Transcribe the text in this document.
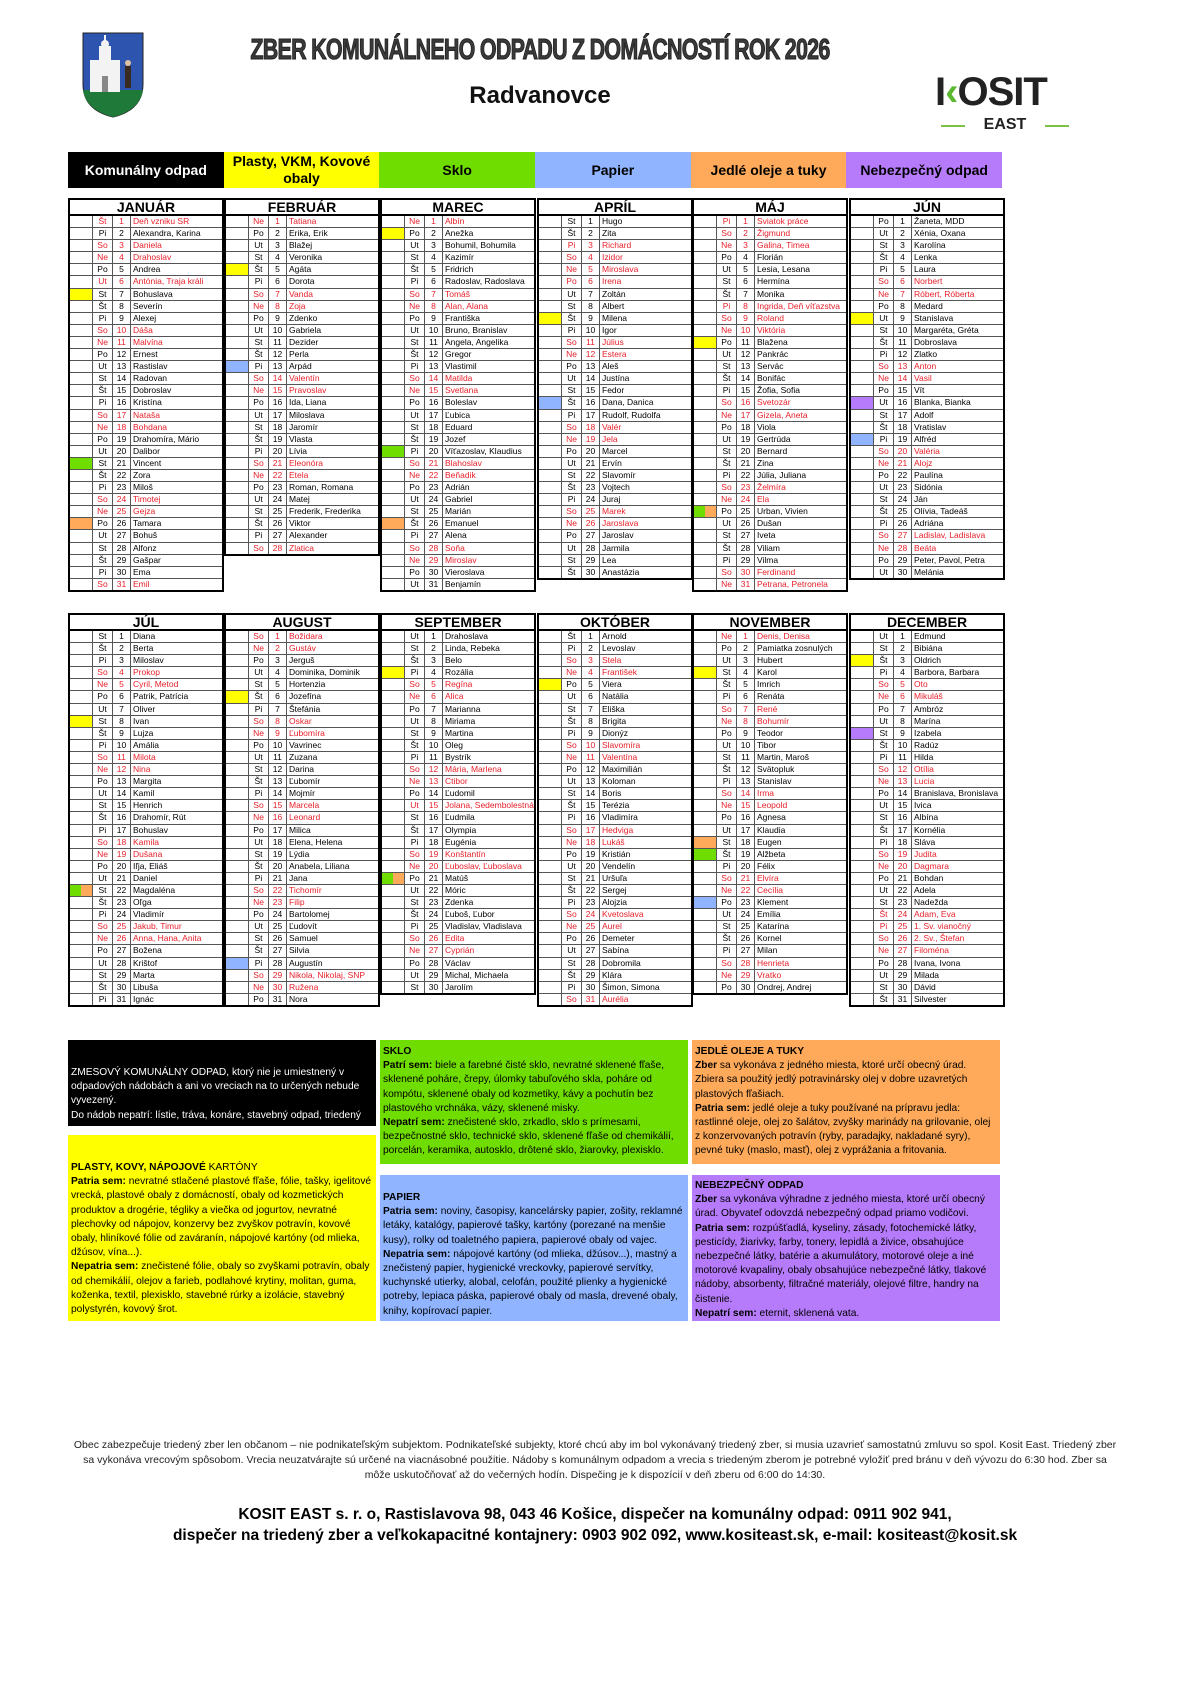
ZBER KOMUNÁLNEHO ODPADU Z DOMÁCNOSTÍ ROK 2026
Radvanovce	I‹OSIT
EAST
Komunálny odpad
Plasty, VKM, Kovové obaly
Sklo	Papier	Jedlé oleje a tuky	Nebezpečný odpad
JANUÁR
Št	1	Deň vzniku SR
Pi	2	Alexandra, Karina
So	3	Daniela
Ne	4	Drahoslav
Po	5	Andrea
Ut	6	Antónia, Traja králi
St	7	Bohuslava
Št	8	Severín
Pi	9	Alexej
So	10 Dáša
Ne	11 Malvína
Po	12 Ernest
Ut	13 Rastislav
St	14 Radovan
Št	15 Dobroslav
Pi	16 Kristína
So	17 Nataša
Ne	18 Bohdana
Po	19 Drahomíra, Mário
Ut	20 Dalibor
St	21 Vincent
Št	22 Zora
Pi	23 Miloš
So	24 Timotej
Ne	25 Gejza
Po	26 Tamara
Ut	27 Bohuš
St	28 Alfonz
Št	29 Gašpar
Pi	30 Ema
So	31 Emil
FEBRUÁR
Ne	1	Tatiana
Po	2	Erika, Erik
Ut	3	Blažej
St	4	Veronika
Št	5	Agáta
Pi	6	Dorota
So	7	Vanda
Ne	8	Zoja
Po	9	Zdenko
Ut	10 Gabriela
St	11 Dezider
Št	12 Perla
Pi	13 Arpád
So	14 Valentín
Ne	15 Pravoslav
Po	16 Ida, Liana
Ut	17 Miloslava
St	18 Jaromír
Št	19 Vlasta
Pi	20 Lívia
So	21 Eleonóra
Ne	22 Etela
Po	23 Roman, Romana
Ut	24 Matej
St	25 Frederik, Frederika
Št	26 Viktor
Pi	27 Alexander
So	28 Zlatica
MAREC
Ne	1	Albín
Po	2	Anežka
Ut	3	Bohumil, Bohumila
St	4	Kazimír
Št	5	Fridrich
Pi	6	Radoslav, Radoslava
So	7	Tomáš
Ne	8	Alan, Alana
Po	9	Františka
Ut	10 Bruno, Branislav
St	11 Angela, Angelika
Št	12 Gregor
Pi	13 Vlastimil
So	14 Matilda
Ne	15 Svetlana
Po	16 Boleslav
Ut	17 Ľubica
St	18 Eduard
Št	19 Jozef
Pi	20 Víťazoslav, Klaudius
So	21 Blahoslav
Ne	22 Beňadik
Po	23 Adrián
Ut	24 Gabriel
St	25 Marián
Št	26 Emanuel
Pi	27 Alena
So	28 Soňa
Ne	29 Miroslav
Po	30 Vieroslava
Ut	31 Benjamín
APRÍL
St	1	Hugo
Št	2	Zita
Pi	3	Richard
So	4	Izidor
Ne	5	Miroslava
Po	6	Irena
Ut	7	Zoltán
St	8	Albert
Št	9	Milena
Pi	10 Igor
So	11 Július
Ne	12 Estera
Po	13 Aleš
Ut	14 Justína
St	15 Fedor
Št	16 Dana, Danica
Pi	17 Rudolf, Rudolfa
So	18 Valér
Ne	19 Jela
Po	20 Marcel
Ut	21 Ervín
St	22 Slavomír
Št	23 Vojtech
Pi	24 Juraj
So	25 Marek
Ne	26 Jaroslava
Po	27 Jaroslav
Ut	28 Jarmila
St	29 Lea
Št	30 Anastázia
MÁJ
Pi	1	Sviatok práce
So	2	Žigmund
Ne	3	Galina, Timea
Po	4	Florián
Ut	5	Lesia, Lesana
St	6	Hermína
Št	7	Monika
Pi	8	Ingrida, Deň víťazstva
So	9	Roland
Ne	10 Viktória
Po	11 Blažena
Ut	12 Pankrác
St	13 Servác
Št	14 Bonifác
Pi	15 Žofia, Sofia
So	16 Svetozár
Ne	17 Gizela, Aneta
Po	18 Viola
Ut	19 Gertrúda
St	20 Bernard
Št	21 Zina
Pi	22 Júlia, Juliana
So	23 Želmíra
Ne	24 Ela
Po	25 Urban, Vivien
Ut	26 Dušan
St	27 Iveta
Št	28 Viliam
Pi	29 Vilma
So	30 Ferdinand
Ne	31 Petrana, Petronela
JÚN
Po	1	Žaneta, MDD
Ut	2	Xénia, Oxana
St	3	Karolína
Št	4	Lenka
Pi	5	Laura
So	6	Norbert
Ne	7	Róbert, Róberta
Po	8	Medard
Ut	9	Stanislava
St	10 Margaréta, Gréta
Št	11 Dobroslava
Pi	12 Zlatko
So	13 Anton
Ne	14 Vasil
Po	15 Vít
Ut	16 Blanka, Bianka
St	17 Adolf
Št	18 Vratislav
Pi	19 Alfréd
So	20 Valéria
Ne	21 Alojz
Po	22 Paulína
Ut	23 Sidónia
St	24 Ján
Št	25 Olívia, Tadeáš
Pi	26 Adriána
So	27 Ladislav, Ladislava
Ne	28 Beáta
Po	29 Peter, Pavol, Petra
Ut	30 Melánia
JÚL
St	1	Diana
Št	2	Berta
Pi	3	Miloslav
So	4	Prokop
Ne	5	Cyril, Metod
Po	6	Patrik, Patrícia
Ut	7	Oliver
St	8	Ivan
Št	9	Lujza
Pi	10 Amália
So	11 Milota
Ne	12 Nina
Po	13 Margita
Ut	14 Kamil
St	15 Henrich
Št	16 Drahomír, Rút
Pi	17 Bohuslav
So	18 Kamila
Ne	19 Dušana
Po	20 Iľja, Eliáš
Ut	21 Daniel
St	22 Magdaléna
Št	23 Oľga
Pi	24 Vladimír
So	25 Jakub, Timur
Ne	26 Anna, Hana, Anita
Po	27 Božena
Ut	28 Krištof
St	29 Marta
Št	30 Libuša
Pi	31 Ignác
AUGUST
So	1	Božidara
Ne	2	Gustáv
Po	3	Jerguš
Ut	4	Dominika, Dominik
St	5	Hortenzia
Št	6	Jozefína
Pi	7	Štefánia
So	8	Oskar
Ne	9	Ľubomíra
Po	10 Vavrinec
Ut	11 Zuzana
St	12 Darina
Št	13 Ľubomír
Pi	14 Mojmír
So	15 Marcela
Ne	16 Leonard
Po	17 Milica
Ut	18 Elena, Helena
St	19 Lýdia
Št	20 Anabela, Liliana
Pi	21 Jana
So	22 Tichomír
Ne	23 Filip
Po	24 Bartolomej
Ut	25 Ľudovít
St	26 Samuel
Št	27 Silvia
Pi	28 Augustín
So	29 Nikola, Nikolaj, SNP
Ne	30 Ružena
Po	31 Nora
SEPTEMBER
Ut	1	Drahoslava
St	2	Linda, Rebeka
Št	3	Belo
Pi	4	Rozália
So	5	Regína
Ne	6	Alica
Po	7	Marianna
Ut	8	Miriama
St	9	Martina
Št	10 Oleg
Pi	11 Bystrík
So	12 Mária, Marlena
Ne	13 Ctibor
Po	14 Ľudomil
Ut	15 Jolana, Sedembolestná
St	16 Ľudmila
Št	17 Olympia
Pi	18 Eugénia
So	19 Konštantín
Ne	20 Ľuboslav, Ľuboslava
Po	21 Matúš
Ut	22 Móric
St	23 Zdenka
Št	24 Ľuboš, Ľubor
Pi	25 Vladislav, Vladislava
So	26 Edita
Ne	27 Cyprián
Po	28 Václav
Ut	29 Michal, Michaela
St	30 Jarolím
OKTÓBER
Št	1	Arnold
Pi	2	Levoslav
So	3	Stela
Ne	4	František
Po	5	Viera
Ut	6	Natália
St	7	Eliška
Št	8	Brigita
Pi	9	Dionýz
So	10 Slavomíra
Ne	11 Valentína
Po	12 Maximilián
Ut	13 Koloman
St	14 Boris
Št	15 Terézia
Pi	16 Vladimíra
So	17 Hedviga
Ne	18 Lukáš
Po	19 Kristián
Ut	20 Vendelín
St	21 Uršuľa
Št	22 Sergej
Pi	23 Alojzia
So	24 Kvetoslava
Ne	25 Aurel
Po	26 Demeter
Ut	27 Sabína
St	28 Dobromila
Št	29 Klára
Pi	30 Šimon, Simona
So	31 Aurélia
NOVEMBER
Ne	1	Denis, Denisa
Po	2	Pamiatka zosnulých
Ut	3	Hubert
St	4	Karol
Št	5	Imrich
Pi	6	Renáta
So	7	René
Ne	8	Bohumír
Po	9	Teodor
Ut	10 Tibor
St	11 Martin, Maroš
Št	12 Svätopluk
Pi	13 Stanislav
So	14 Irma
Ne	15 Leopold
Po	16 Agnesa
Ut	17 Klaudia
St	18 Eugen
Št	19 Alžbeta
Pi	20 Félix
So	21 Elvíra
Ne	22 Cecília
Po	23 Klement
Ut	24 Emília
St	25 Katarína
Št	26 Kornel
Pi	27 Milan
So	28 Henrieta
Ne	29 Vratko
Po	30 Ondrej, Andrej
DECEMBER
Ut	1	Edmund
St	2	Bibiána
Št	3	Oldrich
Pi	4	Barbora, Barbara
So	5	Oto
Ne	6	Mikuláš
Po	7	Ambróz
Ut	8	Marína
St	9	Izabela
Št	10 Radúz
Pi	11 Hilda
So	12 Otília
Ne	13 Lucia
Po	14 Branislava, Bronislava
Ut	15 Ivica
St	16 Albína
Št	17 Kornélia
Pi	18 Sláva
So	19 Judita
Ne	20 Dagmara
Po	21 Bohdan
Ut	22 Adela
St	23 Nadežda
Št	24 Adam, Eva
Pi	25 1. Sv. vianočný
So	26 2. Sv., Štefan
Ne	27 Filoména
Po	28 Ivana, Ivona
Ut	29 Milada
St	30 Dávid
Št	31 Silvester
ZMESOVÝ KOMUNÁLNY ODPAD, ktorý nie je umiestnený v odpadových nádobách a ani vo vreciach na to určených nebude vyvezený.
Do nádob nepatrí: lístie, tráva, konáre, stavebný odpad, triedený
PLASTY, KOVY, NÁPOJOVÉ KARTÓNY
Patria sem: nevratné stlačené plastové fľaše, fólie, tašky, igelitové vrecká, plastové obaly z domácností, obaly od kozmetických produktov a drogérie, tégliky a viečka od jogurtov, nevratné plechovky od nápojov, konzervy bez zvyškov potravín, kovové obaly, hliníkové fólie od zaváranín, nápojové kartóny (od mlieka, džúsov, vína...).
Nepatria sem: znečistené fólie, obaly so zvyškami potravín, obaly od chemikálií, olejov a farieb, podlahové krytiny, molitan, guma, koženka, textil, plexisklo, stavebné rúrky a izolácie, stavebný polystyrén, kovový šrot.
SKLO
Patrí sem: biele a farebné čisté sklo, nevratné sklenené fľaše, sklenené poháre, črepy, úlomky tabuľového skla, poháre od kompótu, sklenené obaly od kozmetiky, kávy a pochutín bez plastového vrchnáka, vázy, sklenené misky.
Nepatrí sem: znečistené sklo, zrkadlo, sklo s prímesami, bezpečnostné sklo, technické sklo, sklenené fľaše od chemikálií, porcelán, keramika, autosklo, drôtené sklo, žiarovky, plexisklo.
PAPIER
Patria sem: noviny, časopisy, kancelársky papier, zošity, reklamné letáky, katalógy, papierové tašky, kartóny (porezané na menšie kusy), rolky od toaletného papiera, papierové obaly od vajec.
Nepatria sem: nápojové kartóny (od mlieka, džúsov...), mastný a znečistený papier, hygienické vreckovky, papierové servítky, kuchynské utierky, alobal, celofán, použité plienky a hygienické potreby, lepiaca páska, papierové obaly od masla, drevené obaly, knihy, kopírovací papier.
JEDLÉ OLEJE A TUKY
Zber sa vykonáva z jedného miesta, ktoré určí obecný úrad. Zbiera sa použitý jedlý potravinársky olej v dobre uzavretých plastových fľašiach.
Patria sem: jedlé oleje a tuky používané na prípravu jedla: rastlinné oleje, olej zo šalátov, zvyšky marinády na grilovanie, olej z konzervovaných potravín (ryby, paradajky, nakladané syry), pevné tuky (maslo, masť), olej z vyprážania a fritovania.
NEBEZPEČNÝ ODPAD
Zber sa vykonáva výhradne z jedného miesta, ktoré určí obecný úrad. Obyvateľ odovzdá nebezpečný odpad priamo vodičovi.
Patria sem: rozpúšťadlá, kyseliny, zásady, fotochemické látky, pesticídy, žiarivky, farby, tonery, lepidlá a živice, obsahujúce nebezpečné látky, batérie a akumulátory, motorové oleje a iné motorové kvapaliny, obaly obsahujúce nebezpečné látky, tlakové nádoby, absorbenty, filtračné materiály, olejové filtre, handry na čistenie.
Nepatrí sem: eternit, sklenená vata.
Obec zabezpečuje triedený zber len občanom – nie podnikateľským subjektom. Podnikateľské subjekty, ktoré chcú aby im bol vykonávaný triedený zber, si musia uzavrieť samostatnú zmluvu so spol. Kosit East. Triedený zber sa vykonáva vrecovým spôsobom. Vrecia neuzatvárajte sú určené na viacnásobné použitie. Nádoby s komunálnym odpadom a vrecia s triedeným zberom je potrebné vyložiť pred bránu v deň vývozu do 6:30 hod. Zber sa môže uskutočňovať až do večerných hodín. Dispečing je k dispozícií v deň zberu od 6:00 do 14:30.
KOSIT EAST s. r. o, Rastislavova 98, 043 46 Košice, dispečer na komunálny odpad: 0911 902 941,
dispečer na triedený zber a veľkokapacitné kontajnery: 0903 902 092, www.kositeast.sk, e-mail: kositeast@kosit.sk
